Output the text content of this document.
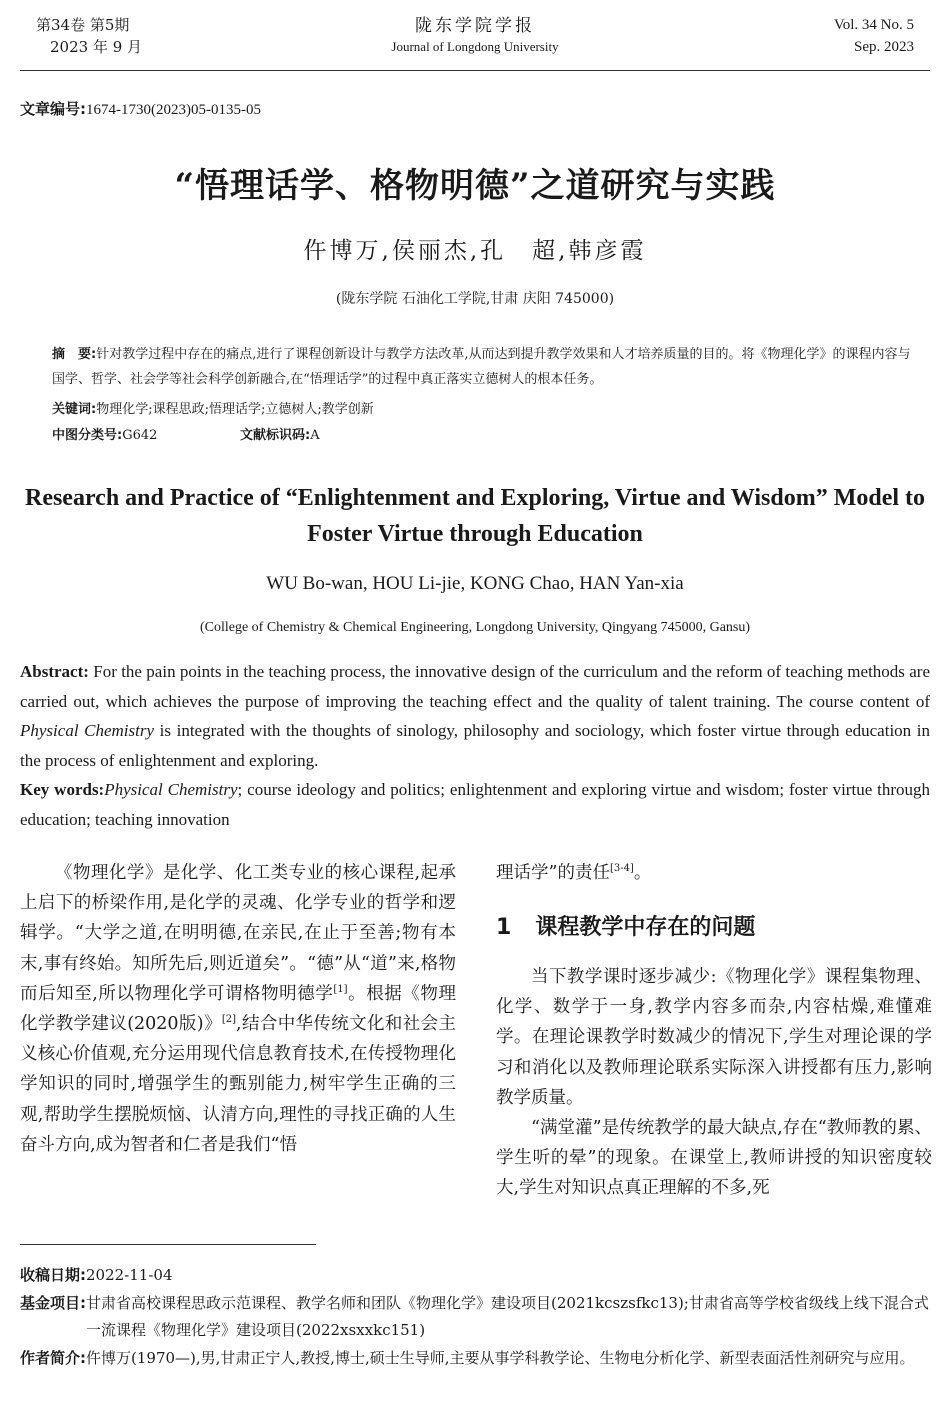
第34卷 第5期
2023 年 9 月
陇东学院学报
Journal of Longdong University
Vol. 34 No. 5
Sep. 2023
文章编号:1674-1730(2023)05-0135-05
“悟理话学、格物明德”之道研究与实践
仵博万,侯丽杰,孔　超,韩彦霞
(陇东学院 石油化工学院,甘肃 庆阳 745000)
摘　要:针对教学过程中存在的痛点,进行了课程创新设计与教学方法改革,从而达到提升教学效果和人才培养质量的目的。将《物理化学》的课程内容与国学、哲学、社会学等社会科学创新融合,在“悟理话学”的过程中真正落实立德树人的根本任务。
关键词:物理化学;课程思政;悟理话学;立德树人;教学创新
中图分类号:G642	文献标识码:A
Research and Practice of “Enlightenment and Exploring, Virtue and Wisdom” Model to Foster Virtue through Education
WU Bo-wan, HOU Li-jie, KONG Chao, HAN Yan-xia
(College of Chemistry & Chemical Engineering, Longdong University, Qingyang 745000, Gansu)
Abstract: For the pain points in the teaching process, the innovative design of the curriculum and the reform of teaching methods are carried out, which achieves the purpose of improving the teaching effect and the quality of talent training. The course content of Physical Chemistry is integrated with the thoughts of sinology, philosophy and sociology, which foster virtue through education in the process of enlightenment and exploring.
Key words:Physical Chemistry; course ideology and politics; enlightenment and exploring virtue and wisdom; foster virtue through education; teaching innovation
《物理化学》是化学、化工类专业的核心课程,起承上启下的桥梁作用,是化学的灵魂、化学专业的哲学和逻辑学。“大学之道,在明明德,在亲民,在止于至善;物有本末,事有终始。知所先后,则近道矣”。“德”从“道”来,格物而后知至,所以物理化学可谓格物明德学[1]。根据《物理化学教学建议(2020版)》[2],结合中华传统文化和社会主义核心价值观,充分运用现代信息教育技术,在传授物理化学知识的同时,增强学生的甄别能力,树牢学生正确的三观,帮助学生摆脱烦恼、认清方向,理性的寻找正确的人生奋斗方向,成为智者和仁者是我们“悟
理话学”的责任[3-4]。
1 课程教学中存在的问题

当下教学课时逐步减少:《物理化学》课程集物理、化学、数学于一身,教学内容多而杂,内容枯燥,难懂难学。在理论课教学时数减少的情况下,学生对理论课的学习和消化以及教师理论联系实际深入讲授都有压力,影响教学质量。

“满堂灌”是传统教学的最大缺点,存在“教师教的累、学生听的晕”的现象。在课堂上,教师讲授的知识密度较大,学生对知识点真正理解的不多,死

收稿日期: 2022-11-04
基金项目: 甘肃省高校课程思政示范课程、教学名师和团队《物理化学》建设项目(2021kcszsfkc13);甘肃省高等学校省级线上线下混合式一流课程《物理化学》建设项目(2022xsxxkc151)
作者简介: 仵博万(1970—),男,甘肃正宁人,教授,博士,硕士生导师,主要从事学科教学论、生物电分析化学、新型表面活性剂研究与应用。
